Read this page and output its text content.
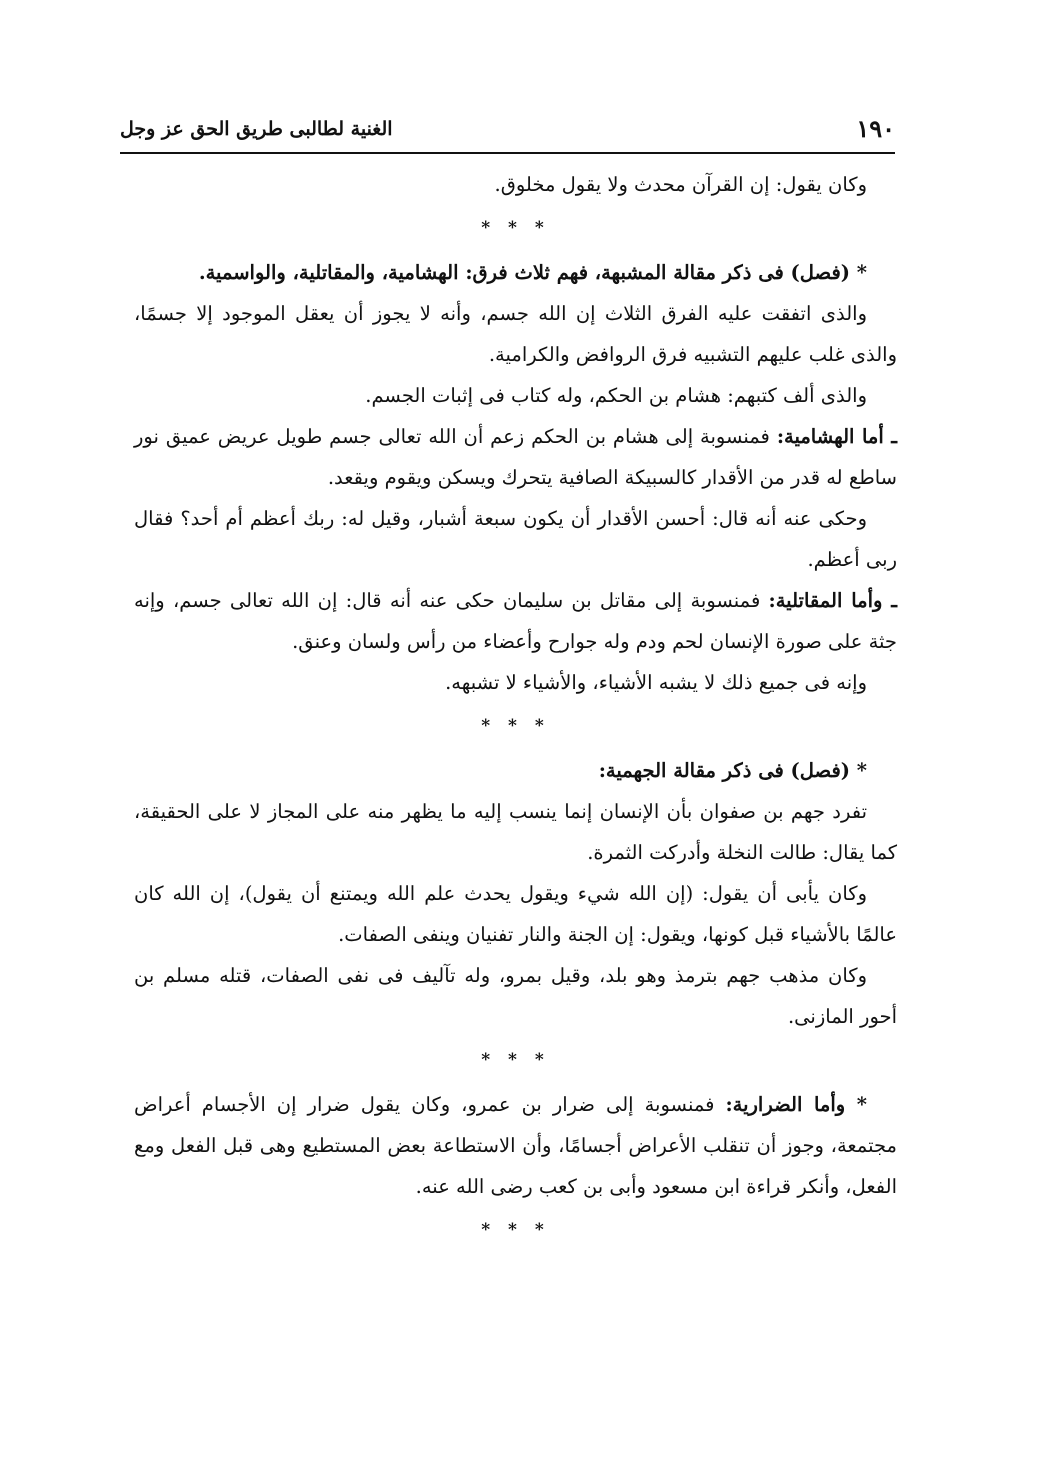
الغنية لطالبى طريق الحق عز وجل	١٩٠

وكان يقول: إن القرآن محدث ولا يقول مخلوق.

* * *

* (فصل) فى ذكر مقالة المشبهة، فهم ثلاث فرق: الهشامية، والمقاتلية، والواسمية.

والذى اتفقت عليه الفرق الثلاث إن الله جسم، وأنه لا يجوز أن يعقل الموجود إلا جسمًا، والذى غلب عليهم التشبيه فرق الروافض والكرامية.

والذى ألف كتبهم: هشام بن الحكم، وله كتاب فى إثبات الجسم.

ـ أما الهشامية: فمنسوبة إلى هشام بن الحكم زعم أن الله تعالى جسم طويل عريض عميق نور ساطع له قدر من الأقدار كالسبيكة الصافية يتحرك ويسكن ويقوم ويقعد.

وحكى عنه أنه قال: أحسن الأقدار أن يكون سبعة أشبار، وقيل له: ربك أعظم أم أحد؟ فقال ربى أعظم.

ـ وأما المقاتلية: فمنسوبة إلى مقاتل بن سليمان حكى عنه أنه قال: إن الله تعالى جسم، وإنه جثة على صورة الإنسان لحم ودم وله جوارح وأعضاء من رأس ولسان وعنق.

وإنه فى جميع ذلك لا يشبه الأشياء، والأشياء لا تشبهه.

* * *

* (فصل) فى ذكر مقالة الجهمية:

تفرد جهم بن صفوان بأن الإنسان إنما ينسب إليه ما يظهر منه على المجاز لا على الحقيقة، كما يقال: طالت النخلة وأدركت الثمرة.

وكان يأبى أن يقول: (إن الله شيء ويقول يحدث علم الله ويمتنع أن يقول)، إن الله كان عالمًا بالأشياء قبل كونها، ويقول: إن الجنة والنار تفنيان وينفى الصفات.

وكان مذهب جهم بترمذ وهو بلد، وقيل بمرو، وله تآليف فى نفى الصفات، قتله مسلم بن أحور المازنى.

* * *

* وأما الضرارية: فمنسوبة إلى ضرار بن عمرو، وكان يقول ضرار إن الأجسام أعراض مجتمعة، وجوز أن تنقلب الأعراض أجسامًا، وأن الاستطاعة بعض المستطيع وهى قبل الفعل ومع الفعل، وأنكر قراءة ابن مسعود وأبى بن كعب رضى الله عنه.

* * *
